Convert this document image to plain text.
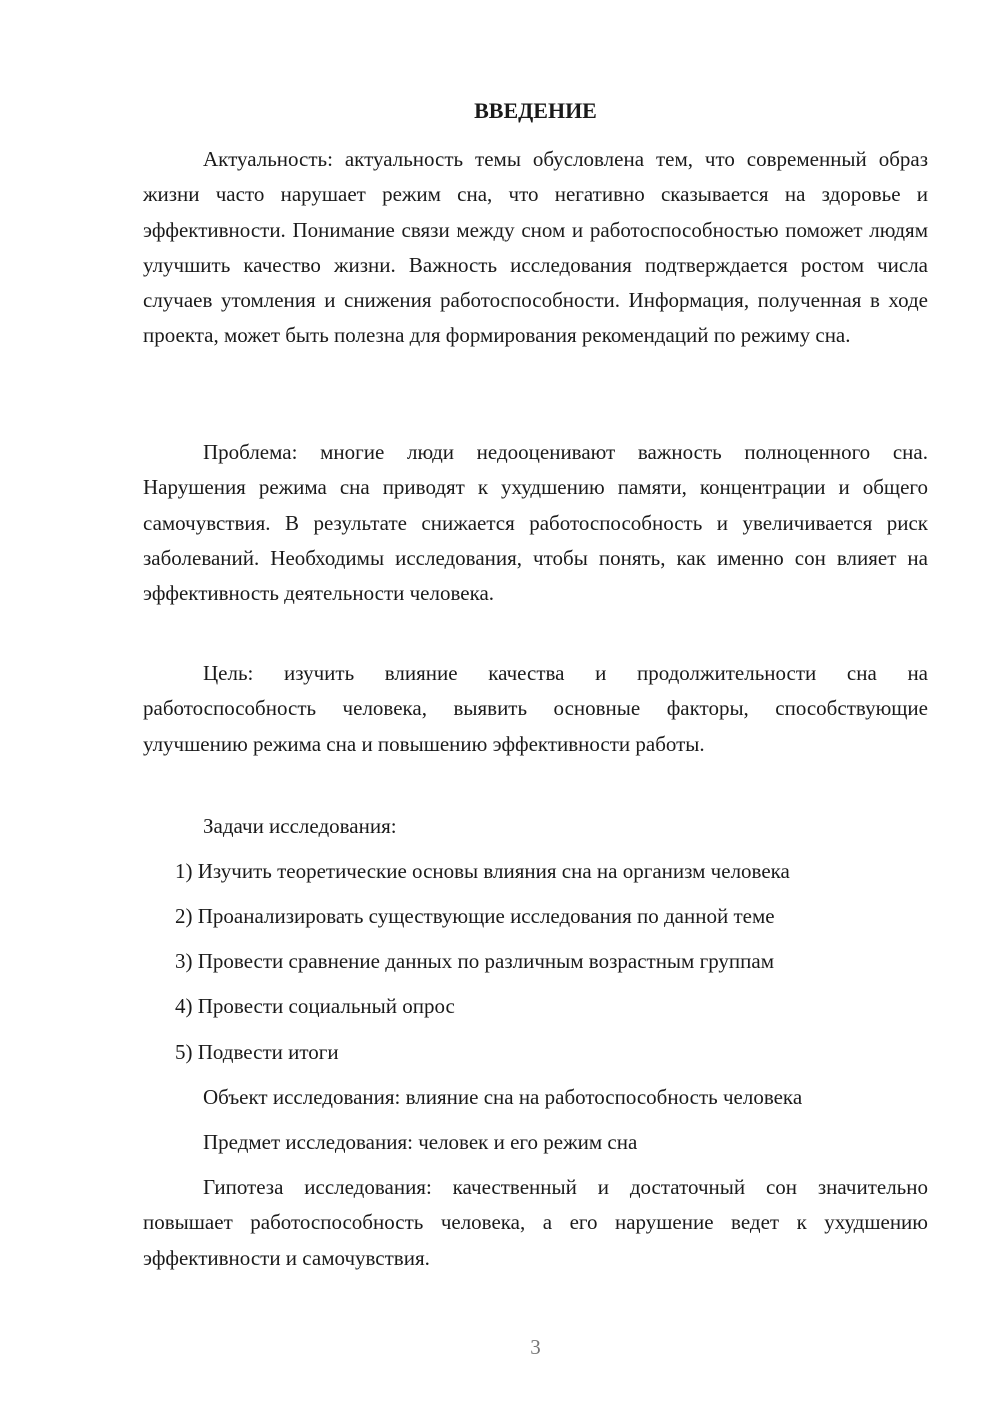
ВВЕДЕНИЕ

Актуальность: актуальность темы обусловлена тем, что современный образ жизни часто нарушает режим сна, что негативно сказывается на здоровье и эффективности. Понимание связи между сном и работоспособностью поможет людям улучшить качество жизни. Важность исследования подтверждается ростом числа случаев утомления и снижения работоспособности. Информация, полученная в ходе проекта, может быть полезна для формирования рекомендаций по режиму сна.

Проблема: многие люди недооценивают важность полноценного сна. Нарушения режима сна приводят к ухудшению памяти, концентрации и общего самочувствия. В результате снижается работоспособность и увеличивается риск заболеваний. Необходимы исследования, чтобы понять, как именно сон влияет на эффективность деятельности человека.

Цель: изучить влияние качества и продолжительности сна на работоспособность человека, выявить основные факторы, способствующие улучшению режима сна и повышению эффективности работы.

Задачи исследования:

1) Изучить теоретические основы влияния сна на организм человека

2) Проанализировать существующие исследования по данной теме

3) Провести сравнение данных по различным возрастным группам

4) Провести социальный опрос

5) Подвести итоги

Объект исследования: влияние сна на работоспособность человека

Предмет исследования: человек и его режим сна

Гипотеза исследования: качественный и достаточный сон значительно повышает работоспособность человека, а его нарушение ведет к ухудшению эффективности и самочувствия.

3
